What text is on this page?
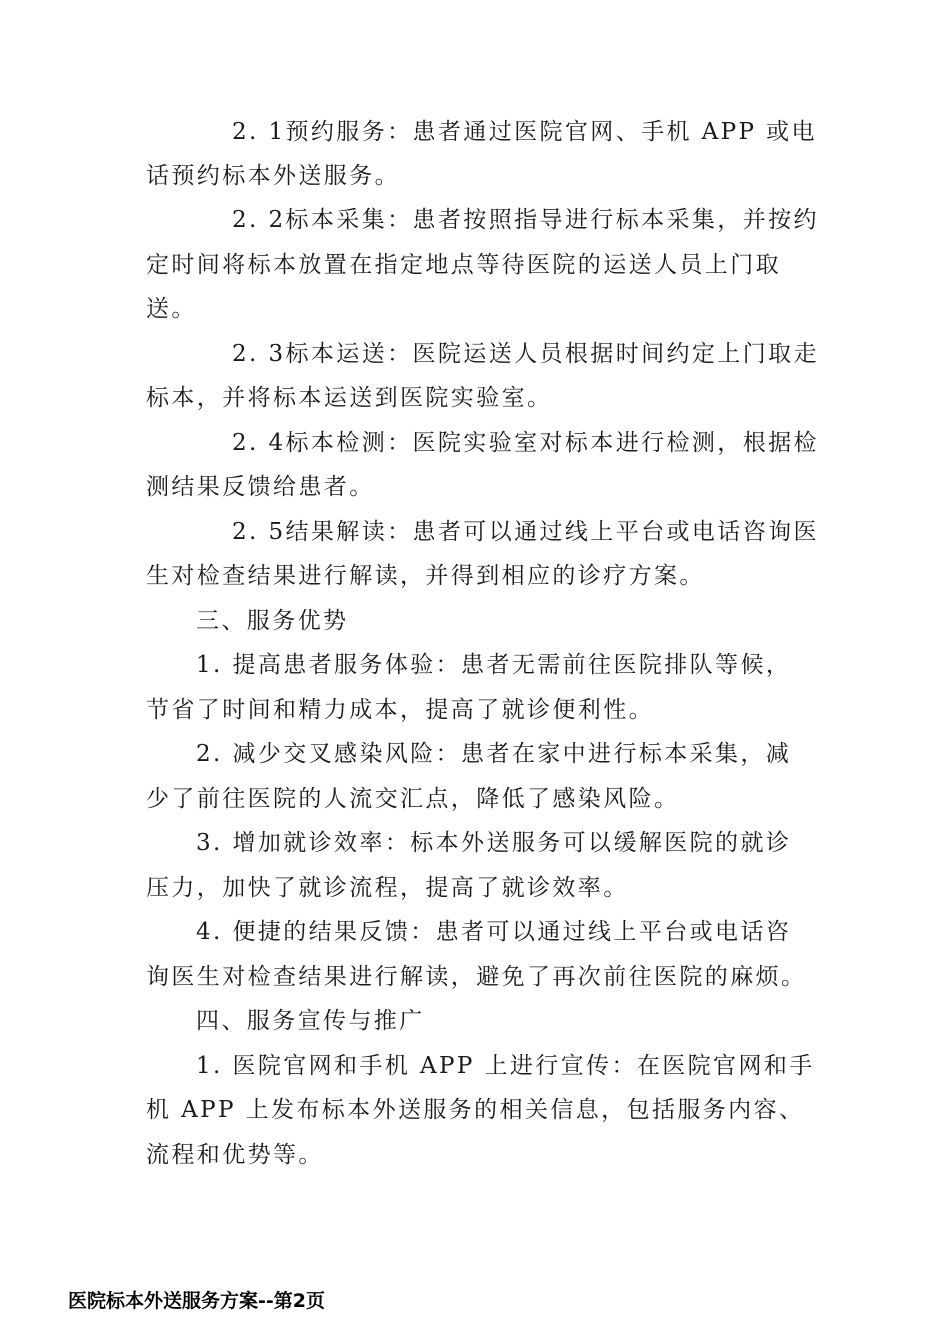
2. 1预约服务：患者通过医院官网、手机 APP 或电
话预约标本外送服务。
2. 2标本采集：患者按照指导进行标本采集，并按约
定时间将标本放置在指定地点等待医院的运送人员上门取
送。
2. 3标本运送：医院运送人员根据时间约定上门取走
标本，并将标本运送到医院实验室。
2. 4标本检测：医院实验室对标本进行检测，根据检
测结果反馈给患者。
2. 5结果解读：患者可以通过线上平台或电话咨询医
生对检查结果进行解读，并得到相应的诊疗方案。
三、服务优势
1. 提高患者服务体验：患者无需前往医院排队等候，
节省了时间和精力成本，提高了就诊便利性。
2. 减少交叉感染风险：患者在家中进行标本采集，减
少了前往医院的人流交汇点，降低了感染风险。
3. 增加就诊效率：标本外送服务可以缓解医院的就诊
压力，加快了就诊流程，提高了就诊效率。
4. 便捷的结果反馈：患者可以通过线上平台或电话咨
询医生对检查结果进行解读，避免了再次前往医院的麻烦。
四、服务宣传与推广
1. 医院官网和手机 APP 上进行宣传：在医院官网和手
机 APP 上发布标本外送服务的相关信息，包括服务内容、
流程和优势等。
医院标本外送服务方案--第2页
